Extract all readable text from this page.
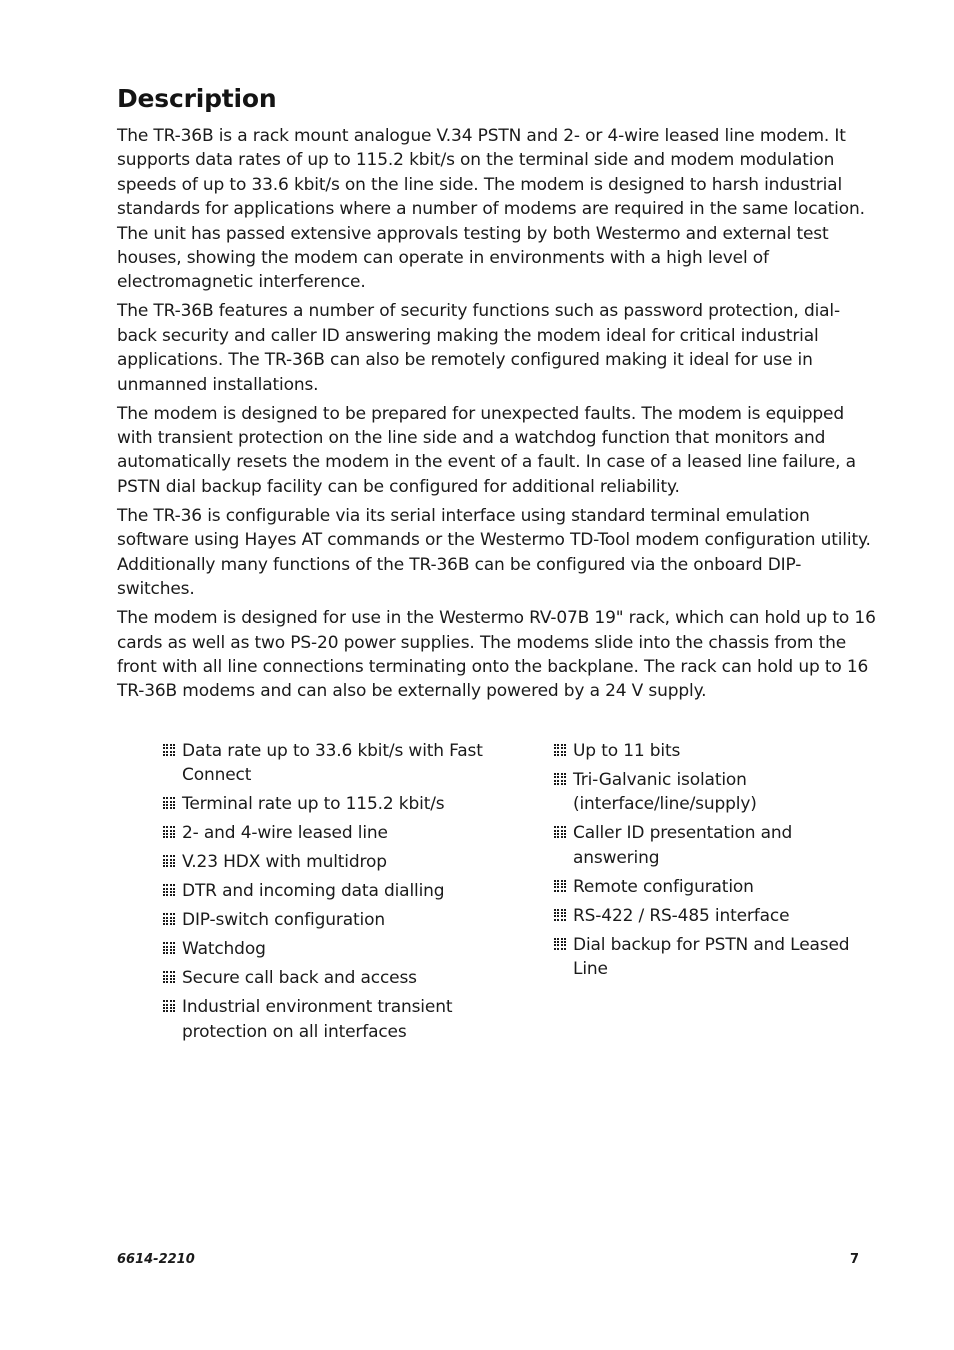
Description

The TR-36B is a rack mount analogue V.34 PSTN and 2- or 4-wire leased line modem. It supports data rates of up to 115.2 kbit/s on the terminal side and modem modulation speeds of up to 33.6 kbit/s on the line side. The modem is designed to harsh industrial standards for applications where a number of modems are required in the same location. The unit has passed extensive approvals testing by both Westermo and external test houses, showing the modem can operate in environments with a high level of electromagnetic interference.

The TR-36B features a number of security functions such as password protection, dial-back security and caller ID answering making the modem ideal for critical industrial applications. The TR-36B can also be remotely configured making it ideal for use in unmanned installations.

The modem is designed to be prepared for unexpected faults. The modem is equipped with transient protection on the line side and a watchdog function that monitors and automatically resets the modem in the event of a fault. In case of a leased line failure, a PSTN dial backup facility can be configured for additional reliability.

The TR-36 is configurable via its serial interface using standard terminal emulation software using Hayes AT commands or the Westermo TD-Tool modem configuration utility. Additionally many functions of the TR-36B can be configured via the onboard DIP-switches.

The modem is designed for use in the Westermo RV-07B 19" rack, which can hold up to 16 cards as well as two PS-20 power supplies. The modems slide into the chassis from the front with all line connections terminating onto the backplane. The rack can hold up to 16 TR-36B modems and can also be externally powered by a 24 V supply.

Data rate up to 33.6 kbit/s with Fast Connect
Terminal rate up to 115.2 kbit/s
2- and 4-wire leased line
V.23 HDX with multidrop
DTR and incoming data dialling
DIP-switch configuration
Watchdog
Secure call back and access
Industrial environment transient protection on all interfaces
Up to 11 bits
Tri-Galvanic isolation (interface/line/supply)
Caller ID presentation and answering
Remote configuration
RS-422 / RS-485 interface
Dial backup for PSTN and Leased Line
6614-2210	7
